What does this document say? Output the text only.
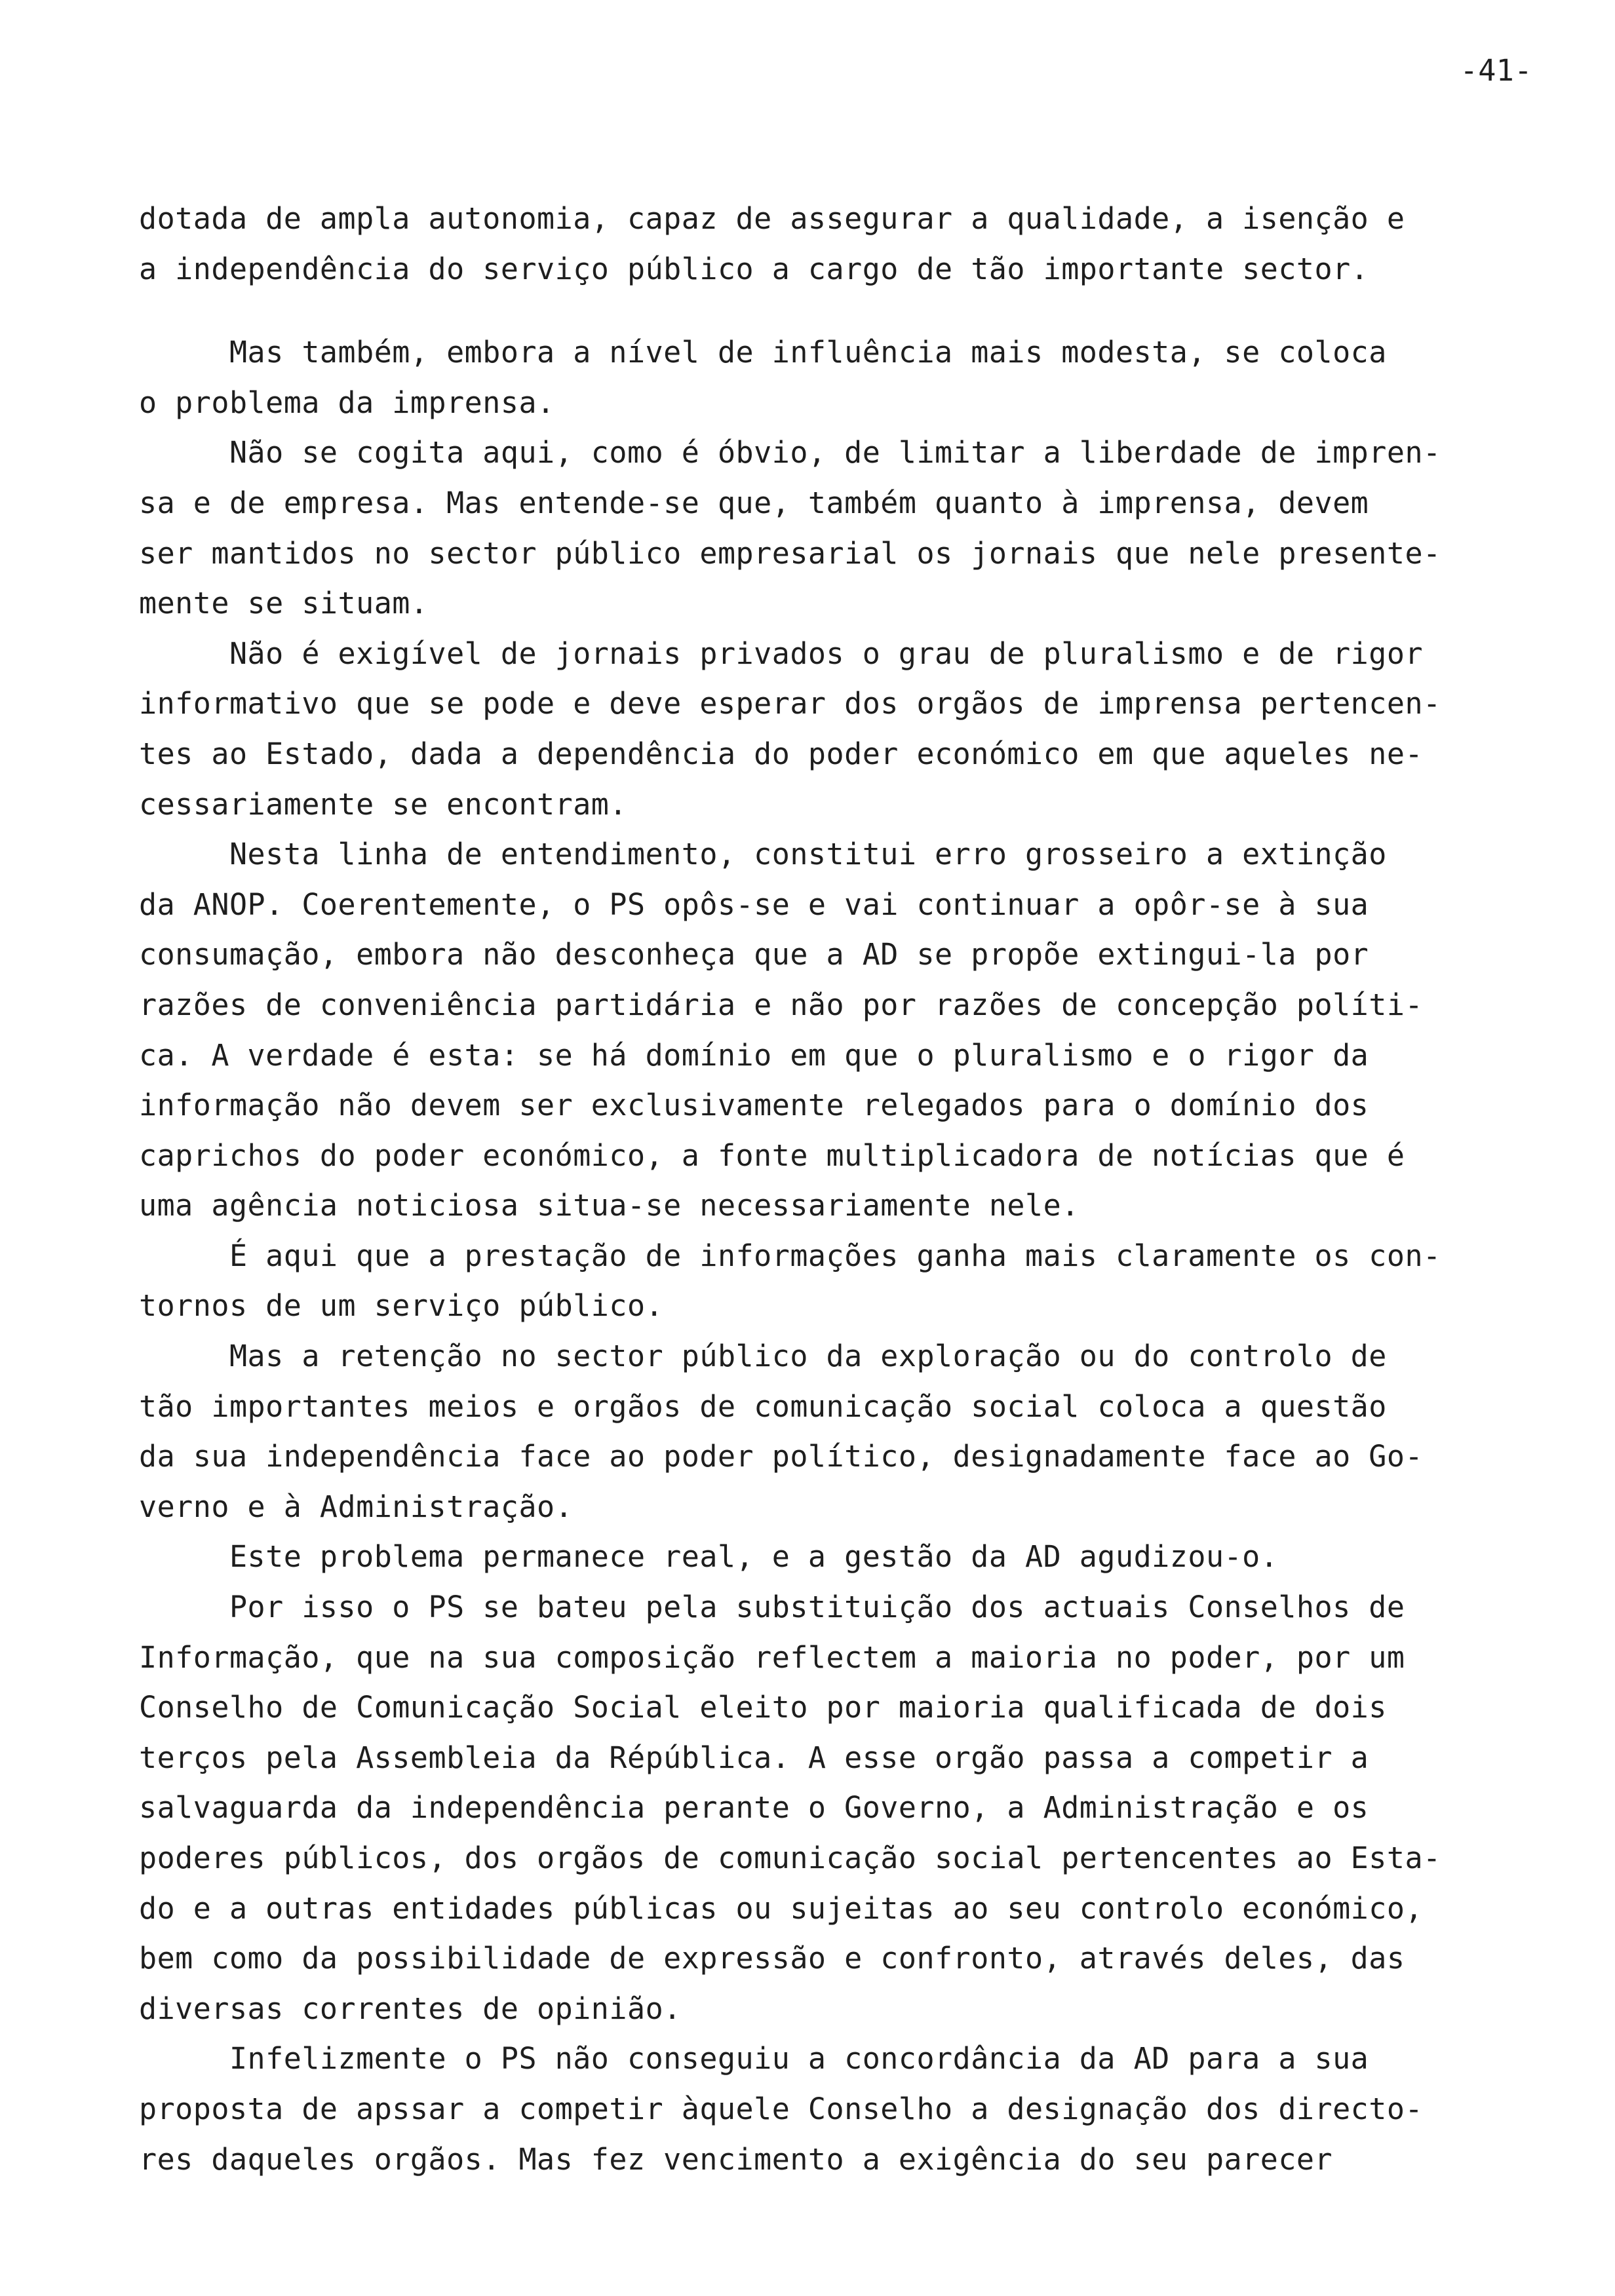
-41-
dotada de ampla autonomia, capaz de assegurar a qualidade, a isenção e
a independência do serviço público a cargo de tão importante sector.
Mas também, embora a nível de influência mais modesta, se coloca
o problema da imprensa.
Não se cogita aqui, como é óbvio, de limitar a liberdade de impren-
sa e de empresa. Mas entende-se que, também quanto à imprensa, devem
ser mantidos no sector público empresarial os jornais que nele presente-
mente se situam.
Não é exigível de jornais privados o grau de pluralismo e de rigor
informativo que se pode e deve esperar dos orgãos de imprensa pertencen-
tes ao Estado, dada a dependência do poder económico em que aqueles ne-
cessariamente se encontram.
Nesta linha de entendimento, constitui erro grosseiro a extinção
da ANOP. Coerentemente, o PS opôs-se e vai continuar a opôr-se à sua
consumação, embora não desconheça que a AD se propõe extingui-la por
razões de conveniência partidária e não por razões de concepção políti-
ca. A verdade é esta: se há domínio em que o pluralismo e o rigor da
informação não devem ser exclusivamente relegados para o domínio dos
caprichos do poder económico, a fonte multiplicadora de notícias que é
uma agência noticiosa situa-se necessariamente nele.
É aqui que a prestação de informações ganha mais claramente os con-
tornos de um serviço público.
Mas a retenção no sector público da exploração ou do controlo de
tão importantes meios e orgãos de comunicação social coloca a questão
da sua independência face ao poder político, designadamente face ao Go-
verno e à Administração.
Este problema permanece real, e a gestão da AD agudizou-o.
Por isso o PS se bateu pela substituição dos actuais Conselhos de
Informação, que na sua composição reflectem a maioria no poder, por um
Conselho de Comunicação Social eleito por maioria qualificada de dois
terços pela Assembleia da Répública. A esse orgão passa a competir a
salvaguarda da independência perante o Governo, a Administração e os
poderes públicos, dos orgãos de comunicação social pertencentes ao Esta-
do e a outras entidades públicas ou sujeitas ao seu controlo económico,
bem como da possibilidade de expressão e confronto, através deles, das
diversas correntes de opinião.
Infelizmente o PS não conseguiu a concordância da AD para a sua
proposta de apssar a competir àquele Conselho a designação dos directo-
res daqueles orgãos. Mas fez vencimento a exigência do seu parecer
